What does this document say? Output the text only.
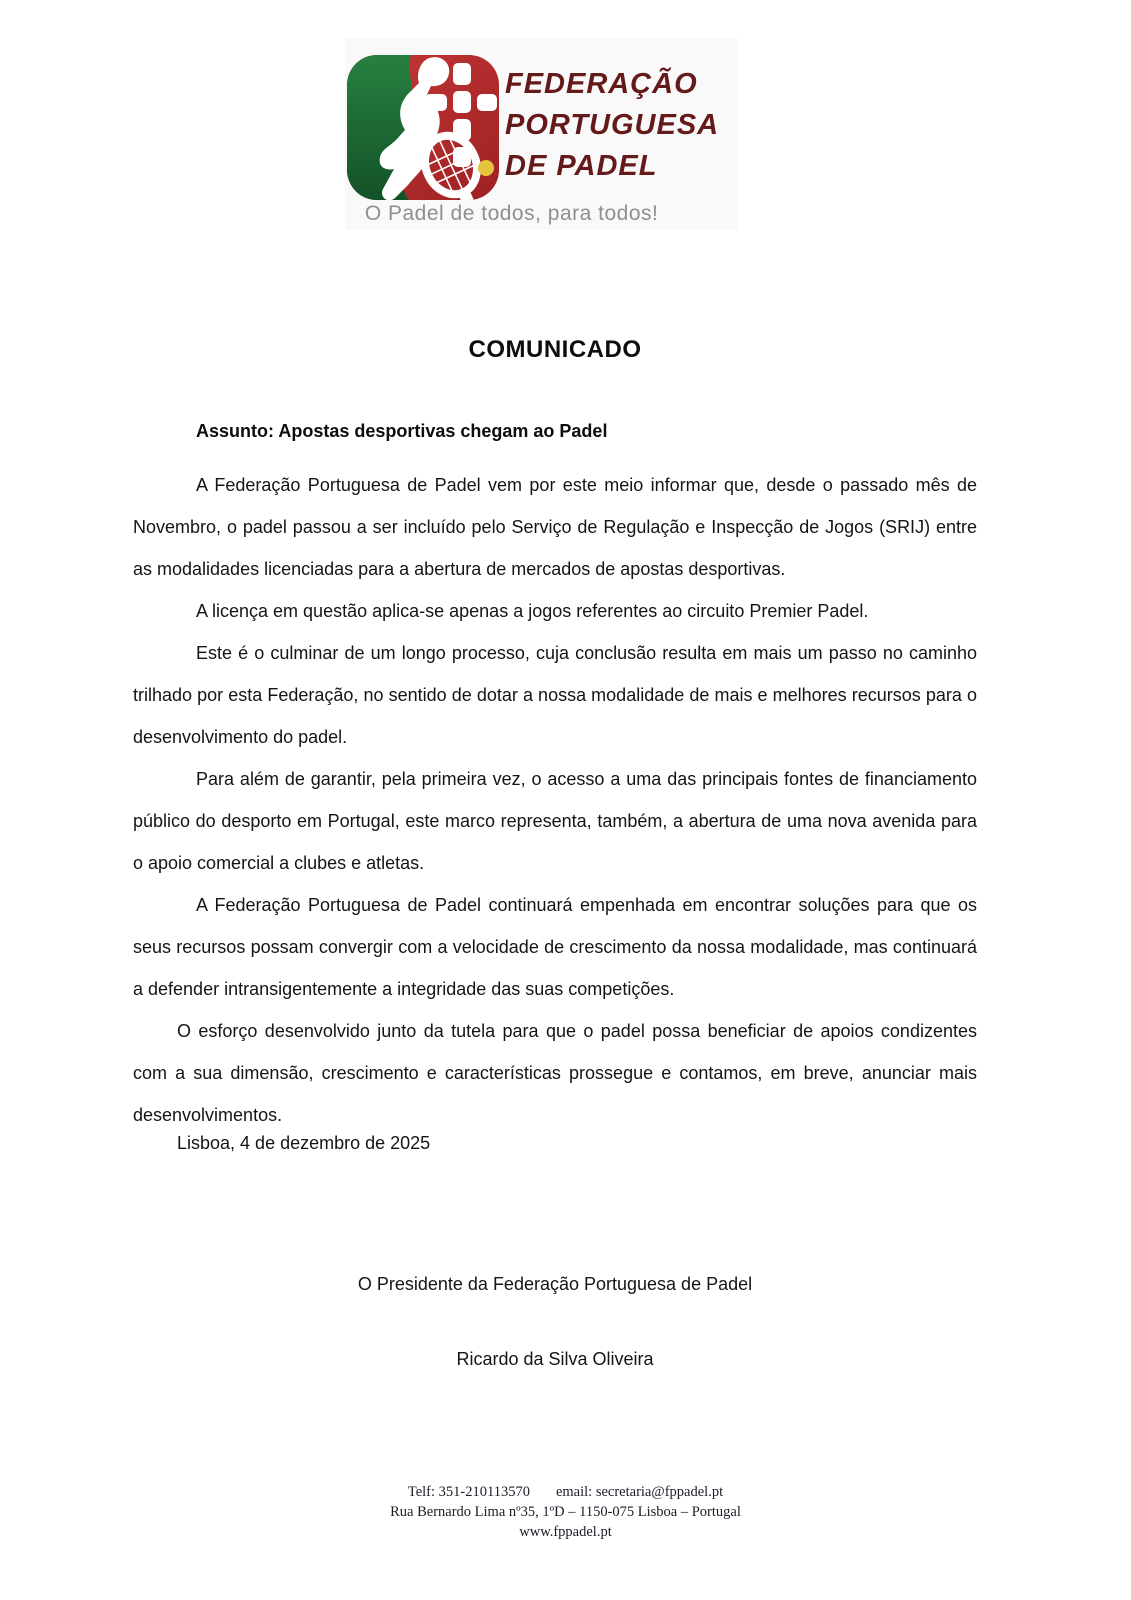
FEDERAÇÃO
PORTUGUESA
DE PADEL
O Padel de todos, para todos!
COMUNICADO
Assunto: Apostas desportivas chegam ao Padel

A Federação Portuguesa de Padel vem por este meio informar que, desde o passado mês de Novembro, o padel passou a ser incluído pelo Serviço de Regulação e Inspecção de Jogos (SRIJ) entre as modalidades licenciadas para a abertura de mercados de apostas desportivas.

A licença em questão aplica-se apenas a jogos referentes ao circuito Premier Padel.

Este é o culminar de um longo processo, cuja conclusão resulta em mais um passo no caminho trilhado por esta Federação, no sentido de dotar a nossa modalidade de mais e melhores recursos para o desenvolvimento do padel.

Para além de garantir, pela primeira vez, o acesso a uma das principais fontes de financiamento público do desporto em Portugal, este marco representa, também, a abertura de uma nova avenida para o apoio comercial a clubes e atletas.

A Federação Portuguesa de Padel continuará empenhada em encontrar soluções para que os seus recursos possam convergir com a velocidade de crescimento da nossa modalidade, mas continuará a defender intransigentemente a integridade das suas competições.

O esforço desenvolvido junto da tutela para que o padel possa beneficiar de apoios condizentes com a sua dimensão, crescimento e características prossegue e contamos, em breve, anunciar mais desenvolvimentos.

Lisboa, 4 de dezembro de 2025
O Presidente da Federação Portuguesa de Padel
Ricardo da Silva Oliveira
Telf: 351-210113570 email: secretaria@fppadel.pt
Rua Bernardo Lima nº35, 1ºD – 1150-075 Lisboa – Portugal
www.fppadel.pt
